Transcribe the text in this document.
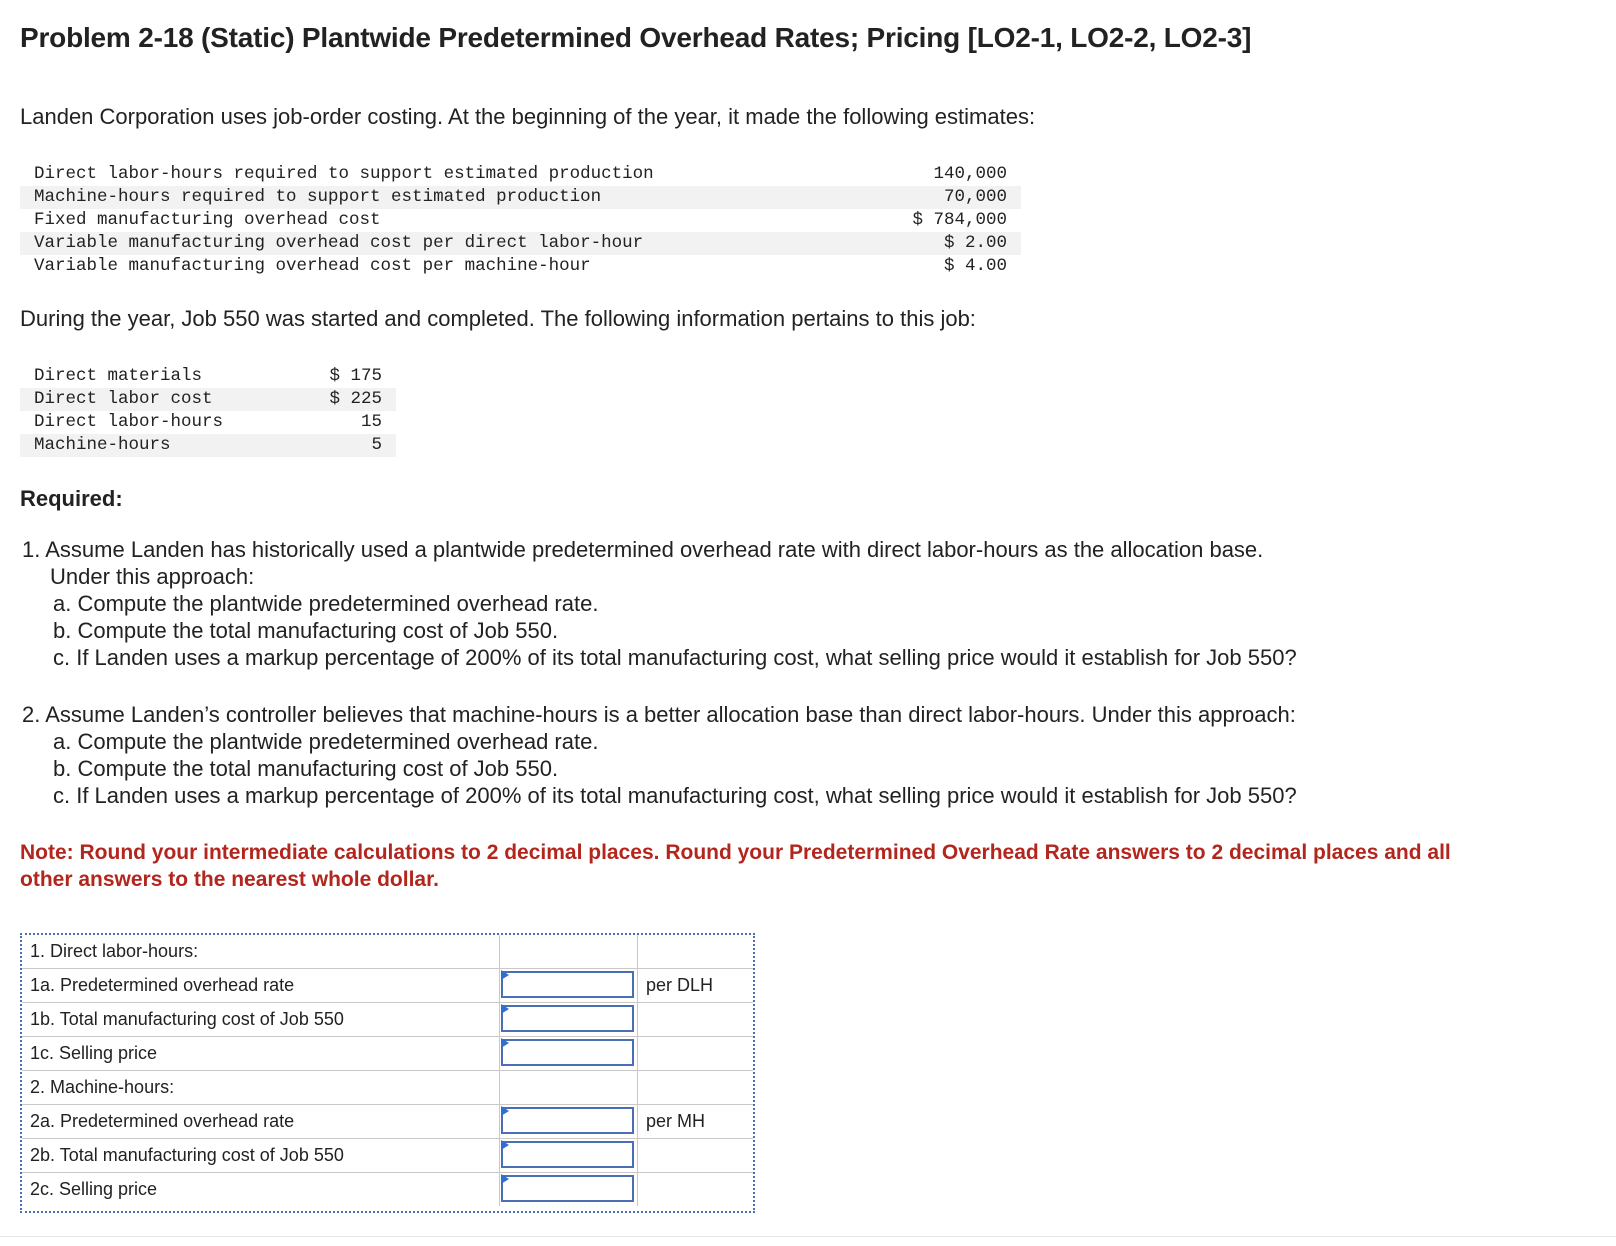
Problem 2-18 (Static) Plantwide Predetermined Overhead Rates; Pricing [LO2-1, LO2-2, LO2-3]

Landen Corporation uses job-order costing. At the beginning of the year, it made the following estimates:

Direct labor-hours required to support estimated production	140,000
Machine-hours required to support estimated production	70,000
Fixed manufacturing overhead cost	$ 784,000
Variable manufacturing overhead cost per direct labor-hour	$ 2.00
Variable manufacturing overhead cost per machine-hour	$ 4.00

During the year, Job 550 was started and completed. The following information pertains to this job:

Direct materials	$ 175
Direct labor cost	$ 225
Direct labor-hours	15
Machine-hours	5

Required:

1. Assume Landen has historically used a plantwide predetermined overhead rate with direct labor-hours as the allocation base.
Under this approach:
a. Compute the plantwide predetermined overhead rate.
b. Compute the total manufacturing cost of Job 550.
c. If Landen uses a markup percentage of 200% of its total manufacturing cost, what selling price would it establish for Job 550?
2. Assume Landen’s controller believes that machine-hours is a better allocation base than direct labor-hours. Under this approach:
a. Compute the plantwide predetermined overhead rate.
b. Compute the total manufacturing cost of Job 550.
c. If Landen uses a markup percentage of 200% of its total manufacturing cost, what selling price would it establish for Job 550?

Note: Round your intermediate calculations to 2 decimal places. Round your Predetermined Overhead Rate answers to 2 decimal places and all other answers to the nearest whole dollar.

1. Direct labor-hours:		
1a. Predetermined overhead rate		per DLH
1b. Total manufacturing cost of Job 550	

1c. Selling price	

2. Machine-hours:		
2a. Predetermined overhead rate		per MH
2b. Total manufacturing cost of Job 550	

2c. Selling price	
